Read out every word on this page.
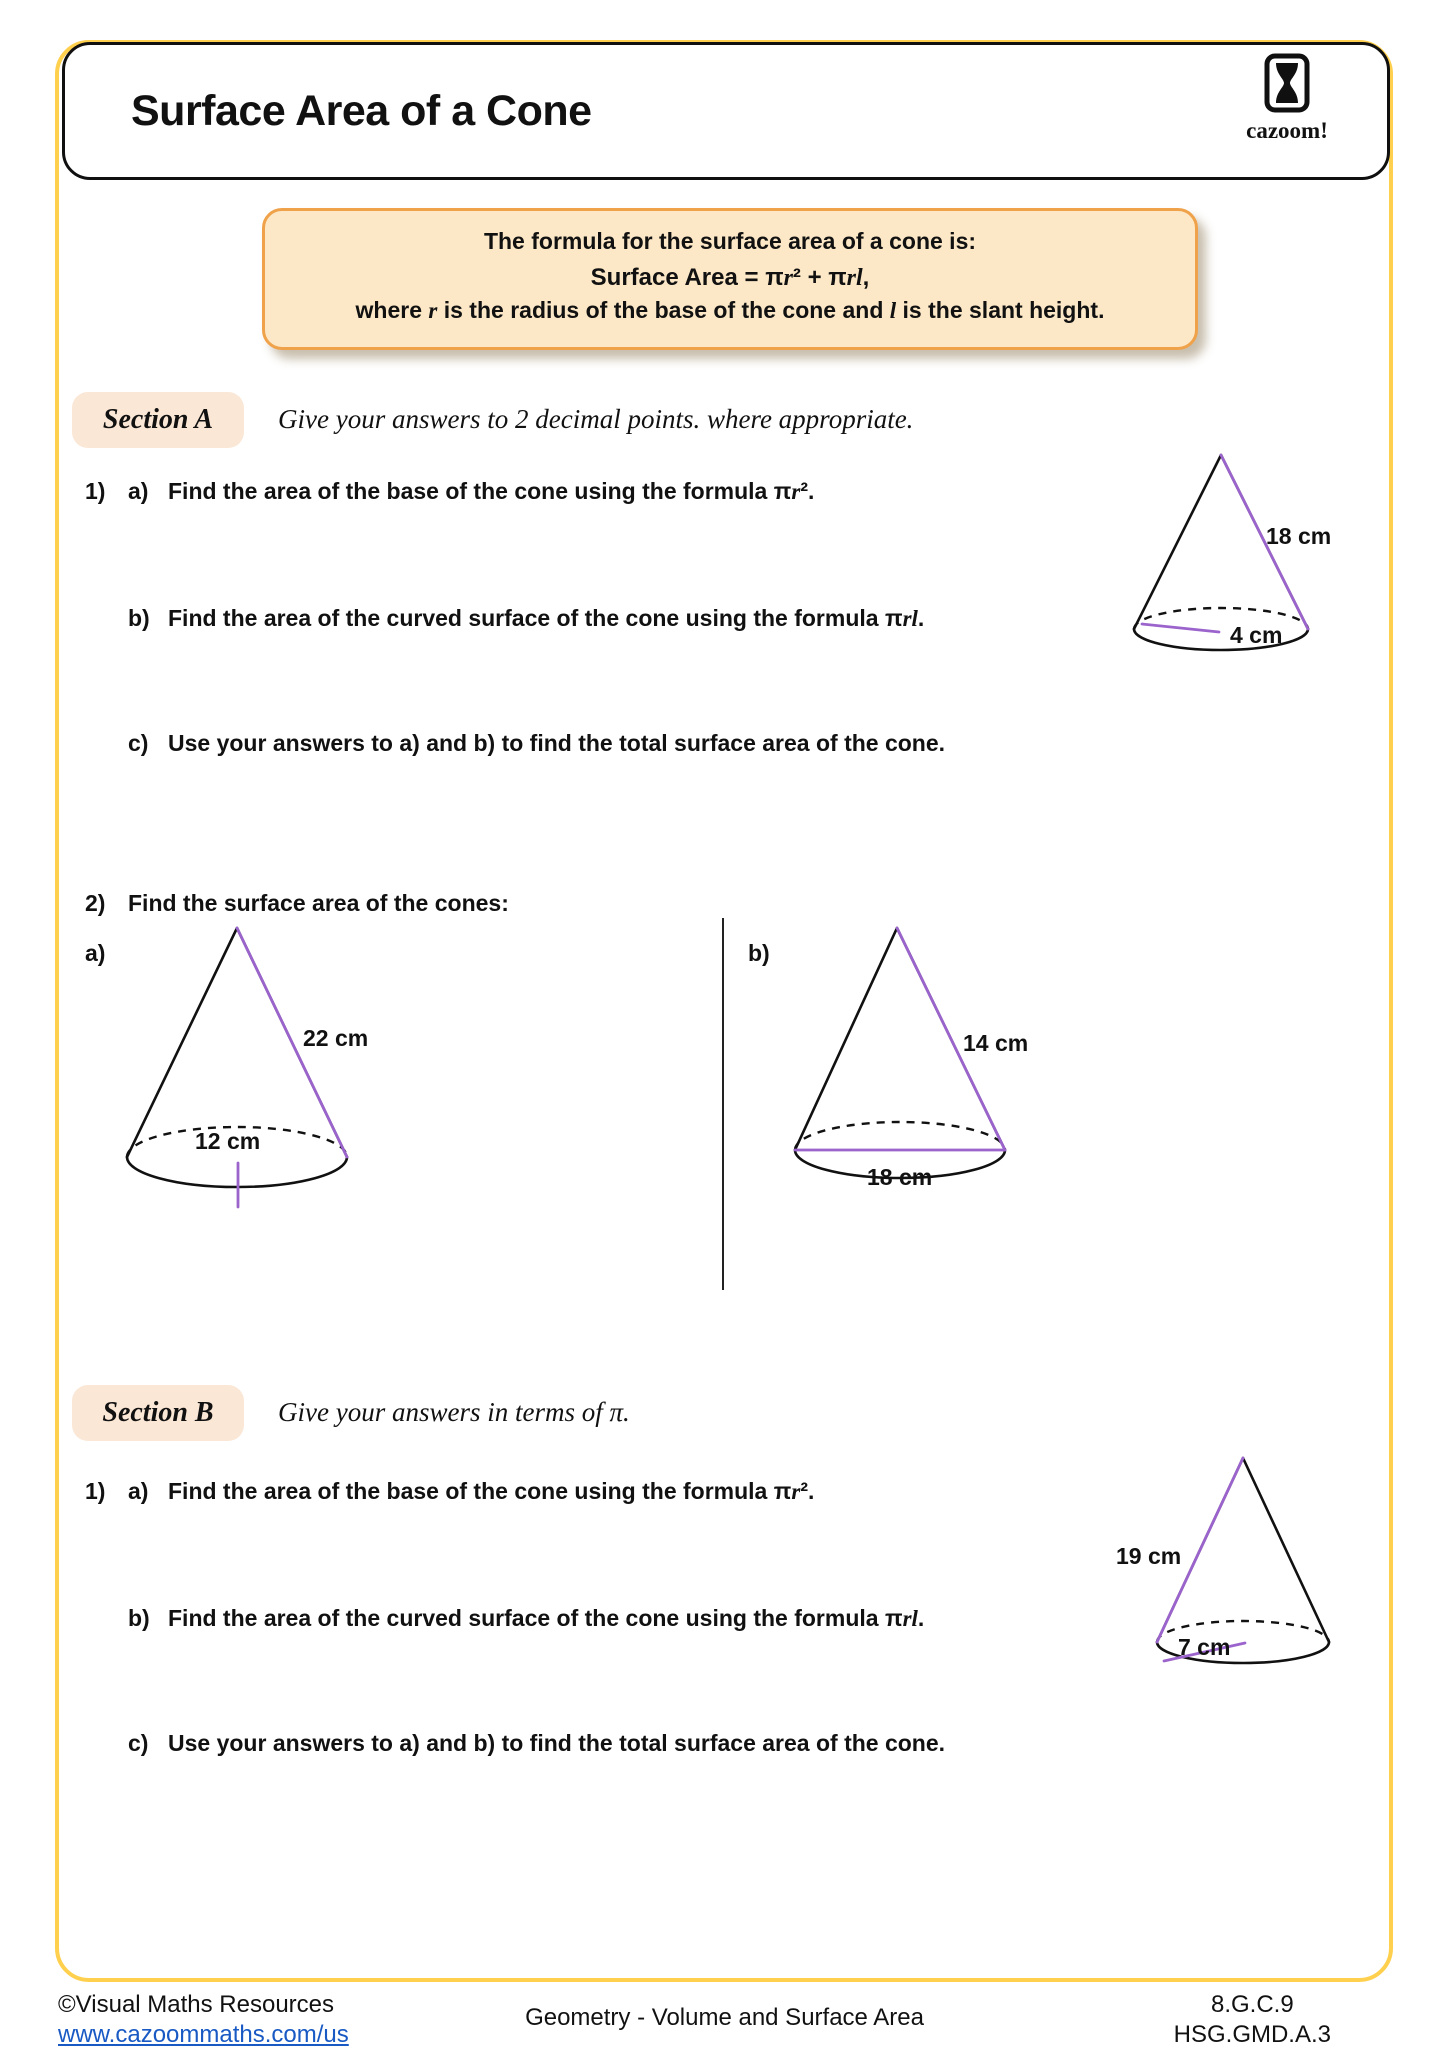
Surface Area of a Cone	cazoom!
The formula for the surface area of a cone is:
Surface Area = πr² + πrl,
where r is the radius of the base of the cone and l is the slant height.
Section A	Give your answers to 2 decimal points. where appropriate.
1) a) Find the area of the base of the cone using the formula πr².
b) Find the area of the curved surface of the cone using the formula πrl.
c) Use your answers to a) and b) to find the total surface area of the cone.
18 cm
4 cm
2) Find the surface area of the cones:
a)	b)
22 cm
12 cm
14 cm
18 cm
Section B	Give your answers in terms of π.
1) a) Find the area of the base of the cone using the formula πr².
b) Find the area of the curved surface of the cone using the formula πrl.
c) Use your answers to a) and b) to find the total surface area of the cone.
19 cm
7 cm
©Visual Maths Resources
www.cazoommaths.com/us
Geometry - Volume and Surface Area	8.G.C.9
HSG.GMD.A.3
